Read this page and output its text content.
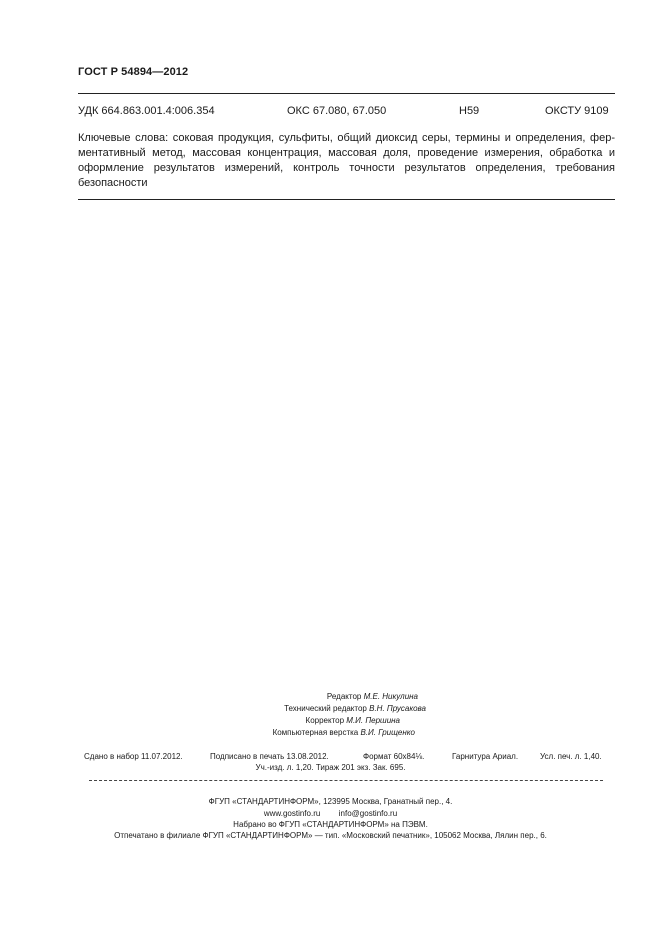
ГОСТ Р 54894—2012
УДК 664.863.001.4:006.354	ОКС 67.080, 67.050	Н59	ОКСТУ 9109
Ключевые слова: соковая продукция, сульфиты, общий диоксид серы, термины и определения, фер-
ментативный метод, массовая концентрация, массовая доля, проведение измерения, обработка и
оформление результатов измерений, контроль точности результатов определения, требования
безопасности
Редактор М.Е. Никулина
Технический редактор В.Н. Прусакова
Корректор М.И. Першина
Компьютерная верстка В.И. Грищенко
Сдано в набор 11.07.2012.	Подписано в печать 13.08.2012.	Формат 60х84⅛.	Гарнитура Ариал.	Усл. печ. л. 1,40.
Уч.-изд. л. 1,20. Тираж 201 экз. Зак. 695.
ФГУП «СТАНДАРТИНФОРМ», 123995 Москва, Гранатный пер., 4.
www.gostinfo.ru info@gostinfo.ru
Набрано во ФГУП «СТАНДАРТИНФОРМ» на ПЭВМ.
Отпечатано в филиале ФГУП «СТАНДАРТИНФОРМ» — тип. «Московский печатник», 105062 Москва, Лялин пер., 6.
